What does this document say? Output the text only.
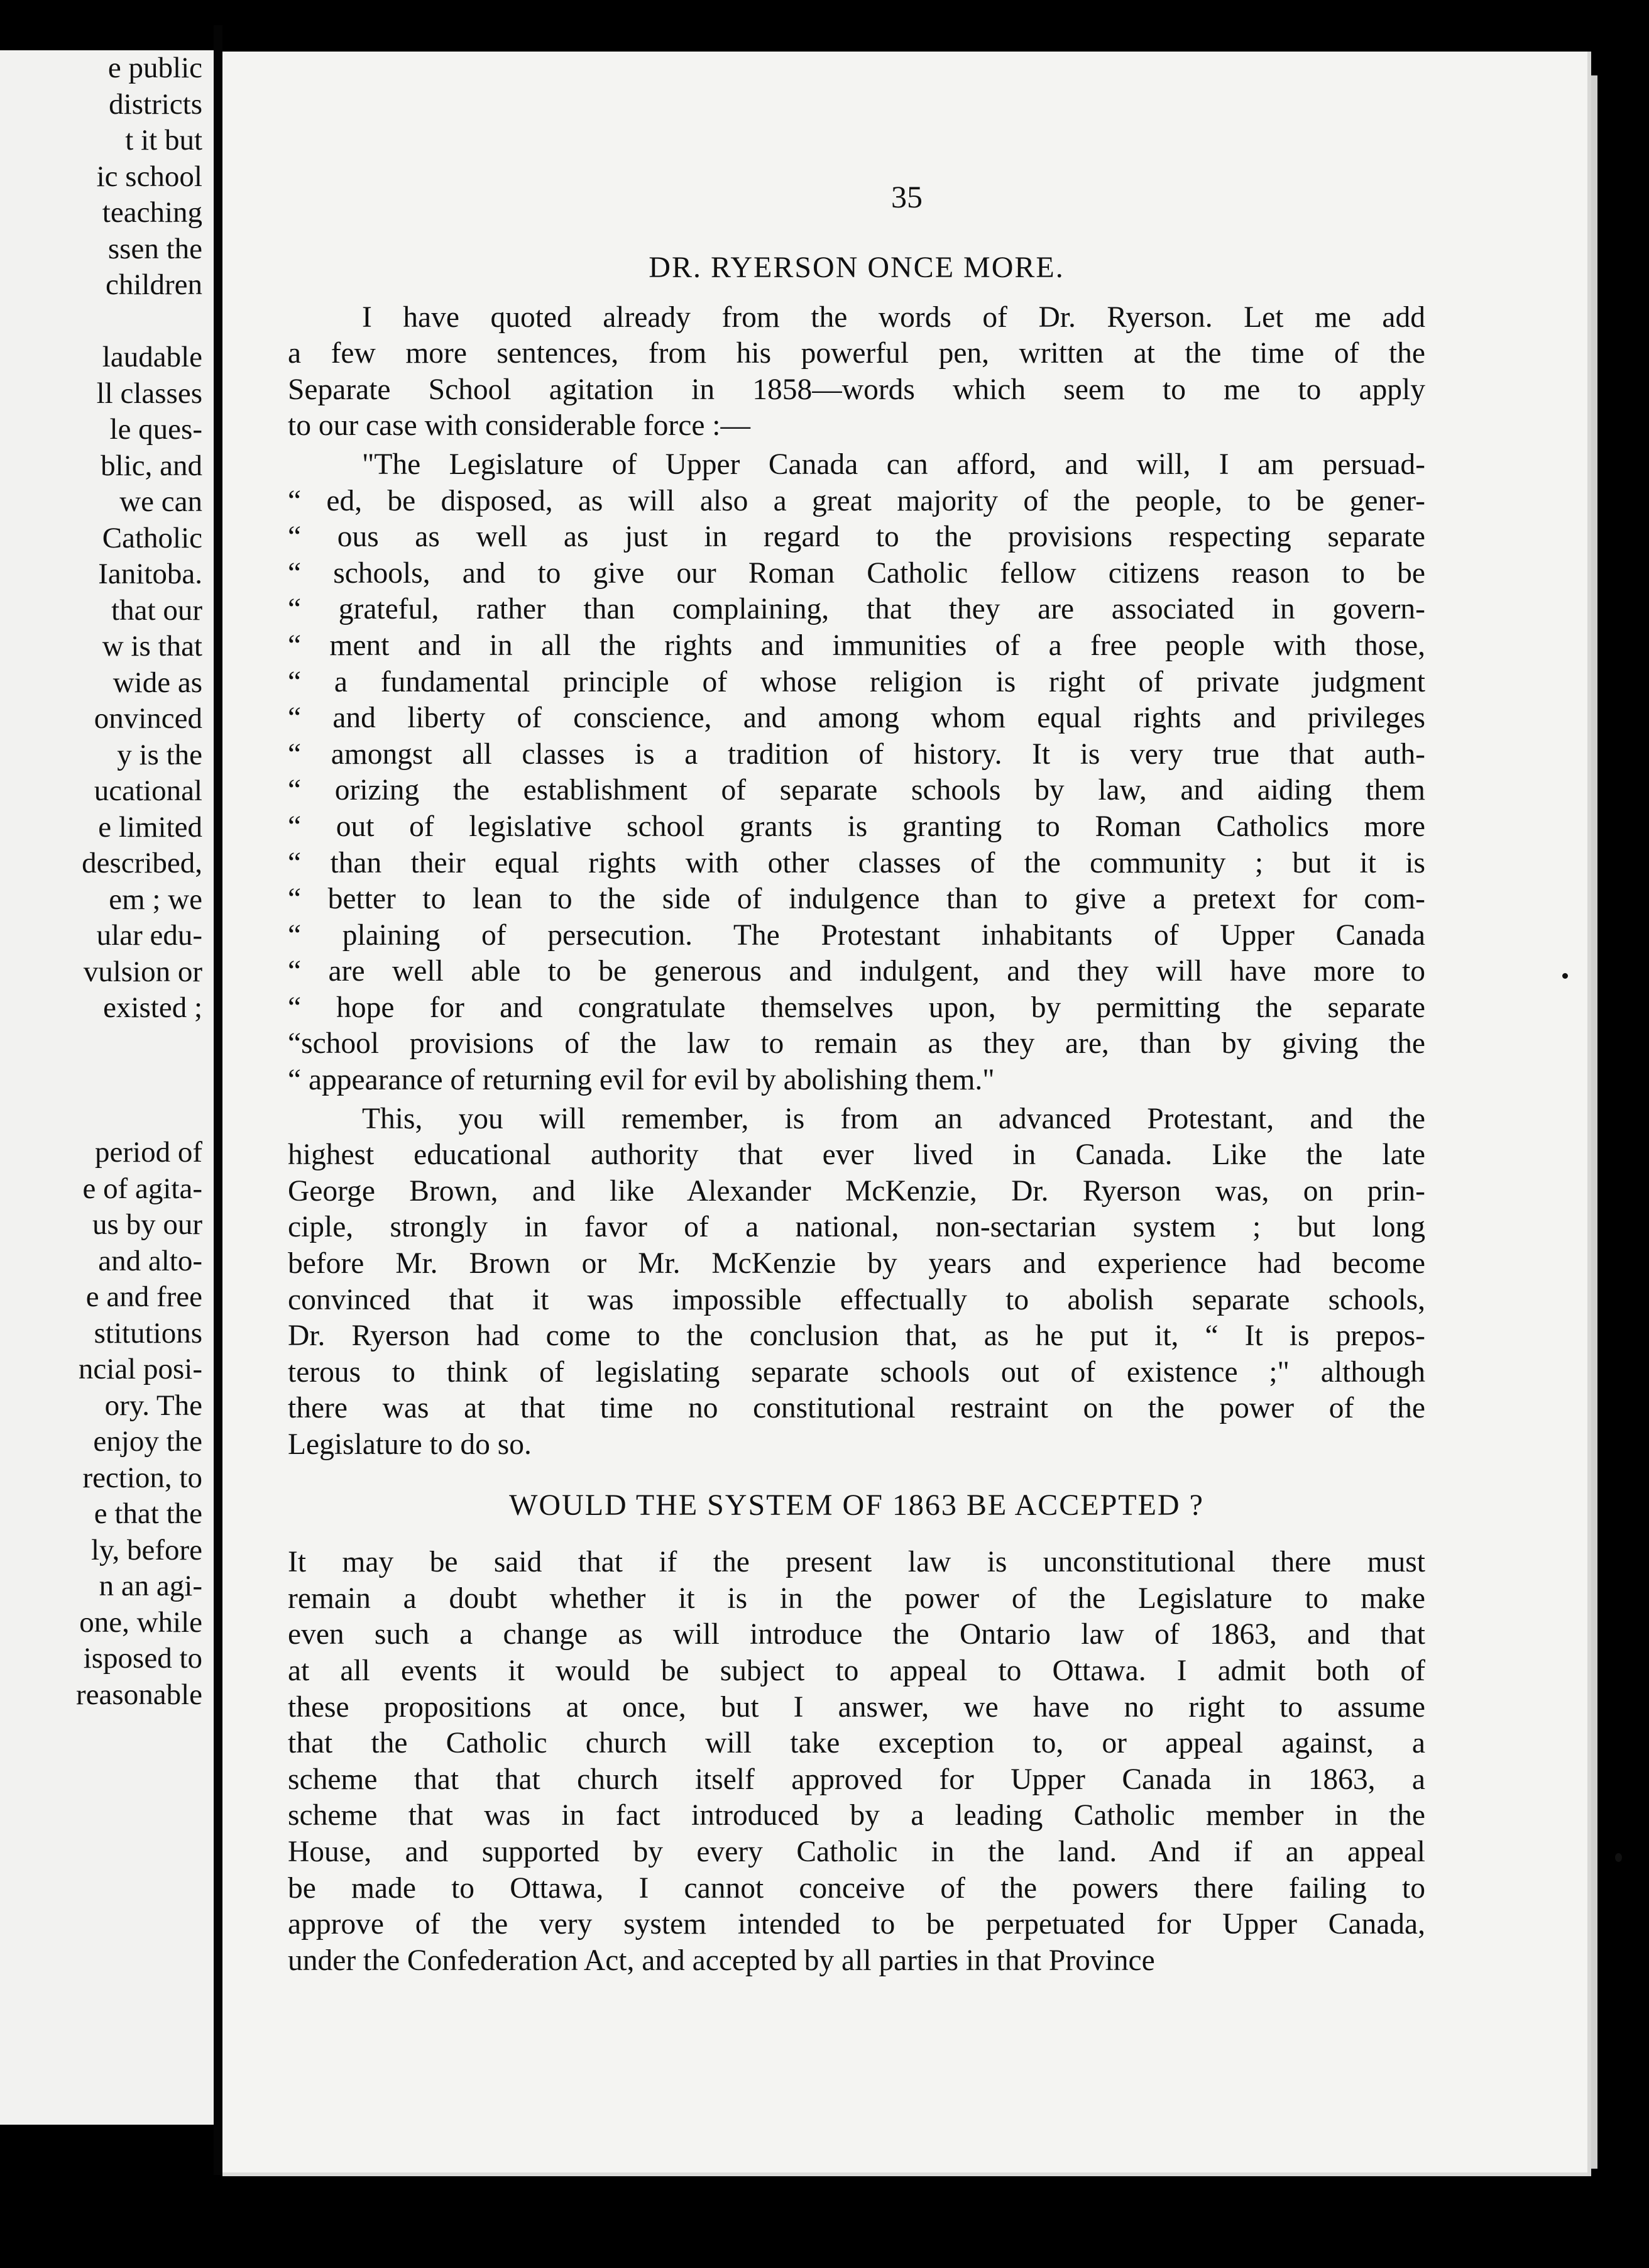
e public
districts
t it but
ic school
teaching
ssen the
children
laudable
ll classes
le ques-
blic, and
we can
Catholic
Ianitoba.
that our
w is that
wide as
onvinced
y is the
ucational
e limited
described,
em ; we
ular edu-
vulsion or
existed ;
period of
e of agita-
us by our
and alto-
e and free
stitutions
ncial posi-
ory. The
enjoy the
rection, to
e that the
ly, before
n an agi-
one, while
isposed to
reasonable

35

DR. RYERSON ONCE MORE.
I have quoted already from the words of Dr. Ryerson. Let me add
a few more sentences, from his powerful pen, written at the time of the
Separate School agitation in 1858—words which seem to me to apply
to our case with considerable force :—
"The Legislature of Upper Canada can afford, and will, I am persuad-
“ ed, be disposed, as will also a great majority of the people, to be gener-
“ ous as well as just in regard to the provisions respecting separate
“ schools, and to give our Roman Catholic fellow citizens reason to be
“ grateful, rather than complaining, that they are associated in govern-
“ ment and in all the rights and immunities of a free people with those,
“ a fundamental principle of whose religion is right of private judgment
“ and liberty of conscience, and among whom equal rights and privileges
“ amongst all classes is a tradition of history. It is very true that auth-
“ orizing the establishment of separate schools by law, and aiding them
“ out of legislative school grants is granting to Roman Catholics more
“ than their equal rights with other classes of the community ; but it is
“ better to lean to the side of indulgence than to give a pretext for com-
“ plaining of persecution. The Protestant inhabitants of Upper Canada
“ are well able to be generous and indulgent, and they will have more to
“ hope for and congratulate themselves upon, by permitting the separate
“school provisions of the law to remain as they are, than by giving the
“ appearance of returning evil for evil by abolishing them."
This, you will remember, is from an advanced Protestant, and the
highest educational authority that ever lived in Canada. Like the late
George Brown, and like Alexander McKenzie, Dr. Ryerson was, on prin-
ciple, strongly in favor of a national, non-sectarian system ; but long
before Mr. Brown or Mr. McKenzie by years and experience had become
convinced that it was impossible effectually to abolish separate schools,
Dr. Ryerson had come to the conclusion that, as he put it, “ It is prepos-
terous to think of legislating separate schools out of existence ;" although
there was at that time no constitutional restraint on the power of the
Legislature to do so.
WOULD THE SYSTEM OF 1863 BE ACCEPTED ?
It may be said that if the present law is unconstitutional there must
remain a doubt whether it is in the power of the Legislature to make
even such a change as will introduce the Ontario law of 1863, and that
at all events it would be subject to appeal to Ottawa. I admit both of
these propositions at once, but I answer, we have no right to assume
that the Catholic church will take exception to, or appeal against, a
scheme that that church itself approved for Upper Canada in 1863, a
scheme that was in fact introduced by a leading Catholic member in the
House, and supported by every Catholic in the land. And if an appeal
be made to Ottawa, I cannot conceive of the powers there failing to
approve of the very system intended to be perpetuated for Upper Canada,
under the Confederation Act, and accepted by all parties in that Province
